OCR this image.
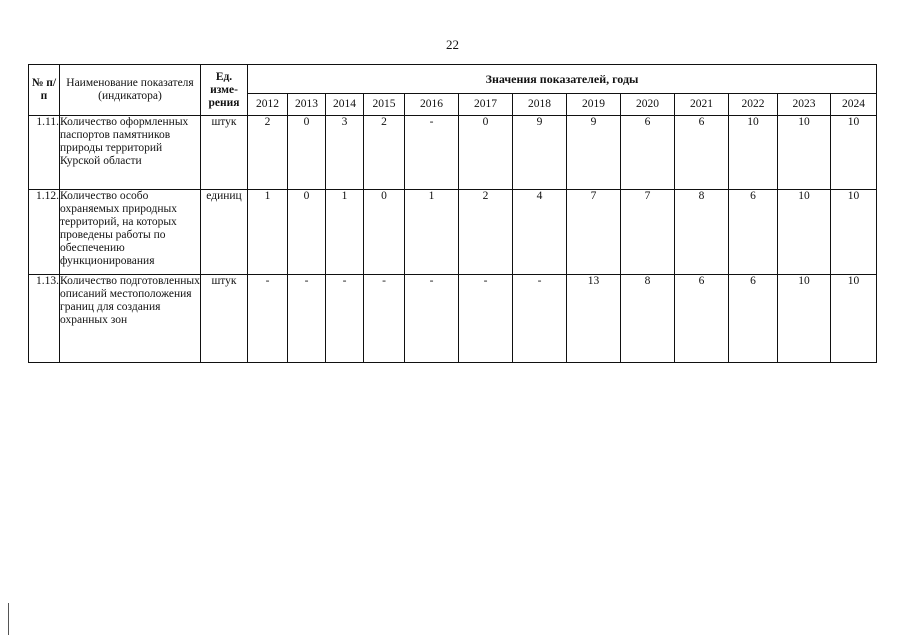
22
№ п/п	Наименование показателя (индикатора)	Ед. изме-рения	Значения показателей, годы												
			2012	2013	2014	2015	2016	2017	2018	2019	2020	2021	2022	2023	2024
1.11.	Количество оформленных паспортов памятников природы территорий Курской области	штук	2	0	3	2	-	0	9	9	6	6	10	10	10
1.12.	Количество особо охраняемых природных территорий, на которых проведены работы по обеспечению функционирования	единиц	1	0	1	0	1	2	4	7	7	8	6	10	10
1.13.	Количество подготовленных описаний местоположения границ для создания охранных зон	штук	-	-	-	-	-	-	-	13	8	6	6	10	10
